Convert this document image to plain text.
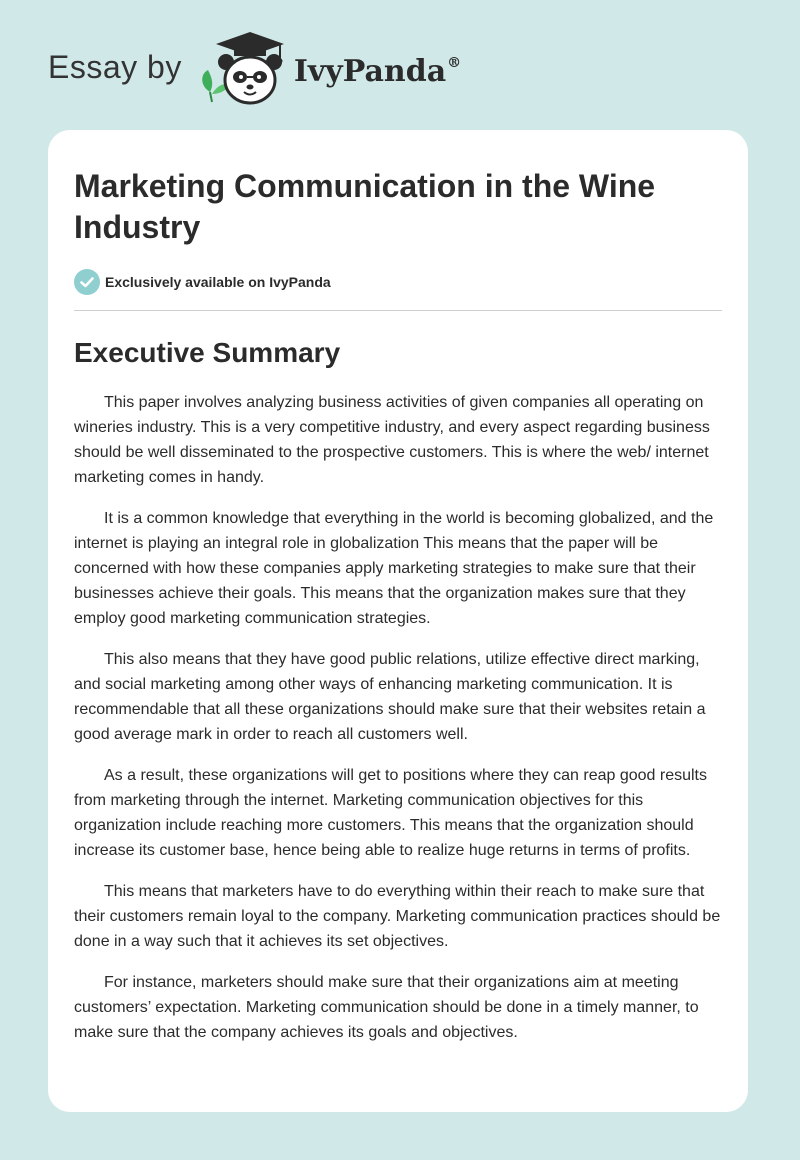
Essay by	IvyPanda®
Marketing Communication in the Wine Industry
Exclusively available on IvyPanda
Executive Summary

This paper involves analyzing business activities of given companies all operating on wineries industry. This is a very competitive industry, and every aspect regarding business should be well disseminated to the prospective customers. This is where the web/ internet marketing comes in handy.

It is a common knowledge that everything in the world is becoming globalized, and the internet is playing an integral role in globalization This means that the paper will be concerned with how these companies apply marketing strategies to make sure that their businesses achieve their goals. This means that the organization makes sure that they employ good marketing communication strategies.

This also means that they have good public relations, utilize effective direct marking, and social marketing among other ways of enhancing marketing communication. It is recommendable that all these organizations should make sure that their websites retain a good average mark in order to reach all customers well.

As a result, these organizations will get to positions where they can reap good results from marketing through the internet. Marketing communication objectives for this organization include reaching more customers. This means that the organization should increase its customer base, hence being able to realize huge returns in terms of profits.

This means that marketers have to do everything within their reach to make sure that their customers remain loyal to the company. Marketing communication practices should be done in a way such that it achieves its set objectives.

For instance, marketers should make sure that their organizations aim at meeting customers’ expectation. Marketing communication should be done in a timely manner, to make sure that the company achieves its goals and objectives.
